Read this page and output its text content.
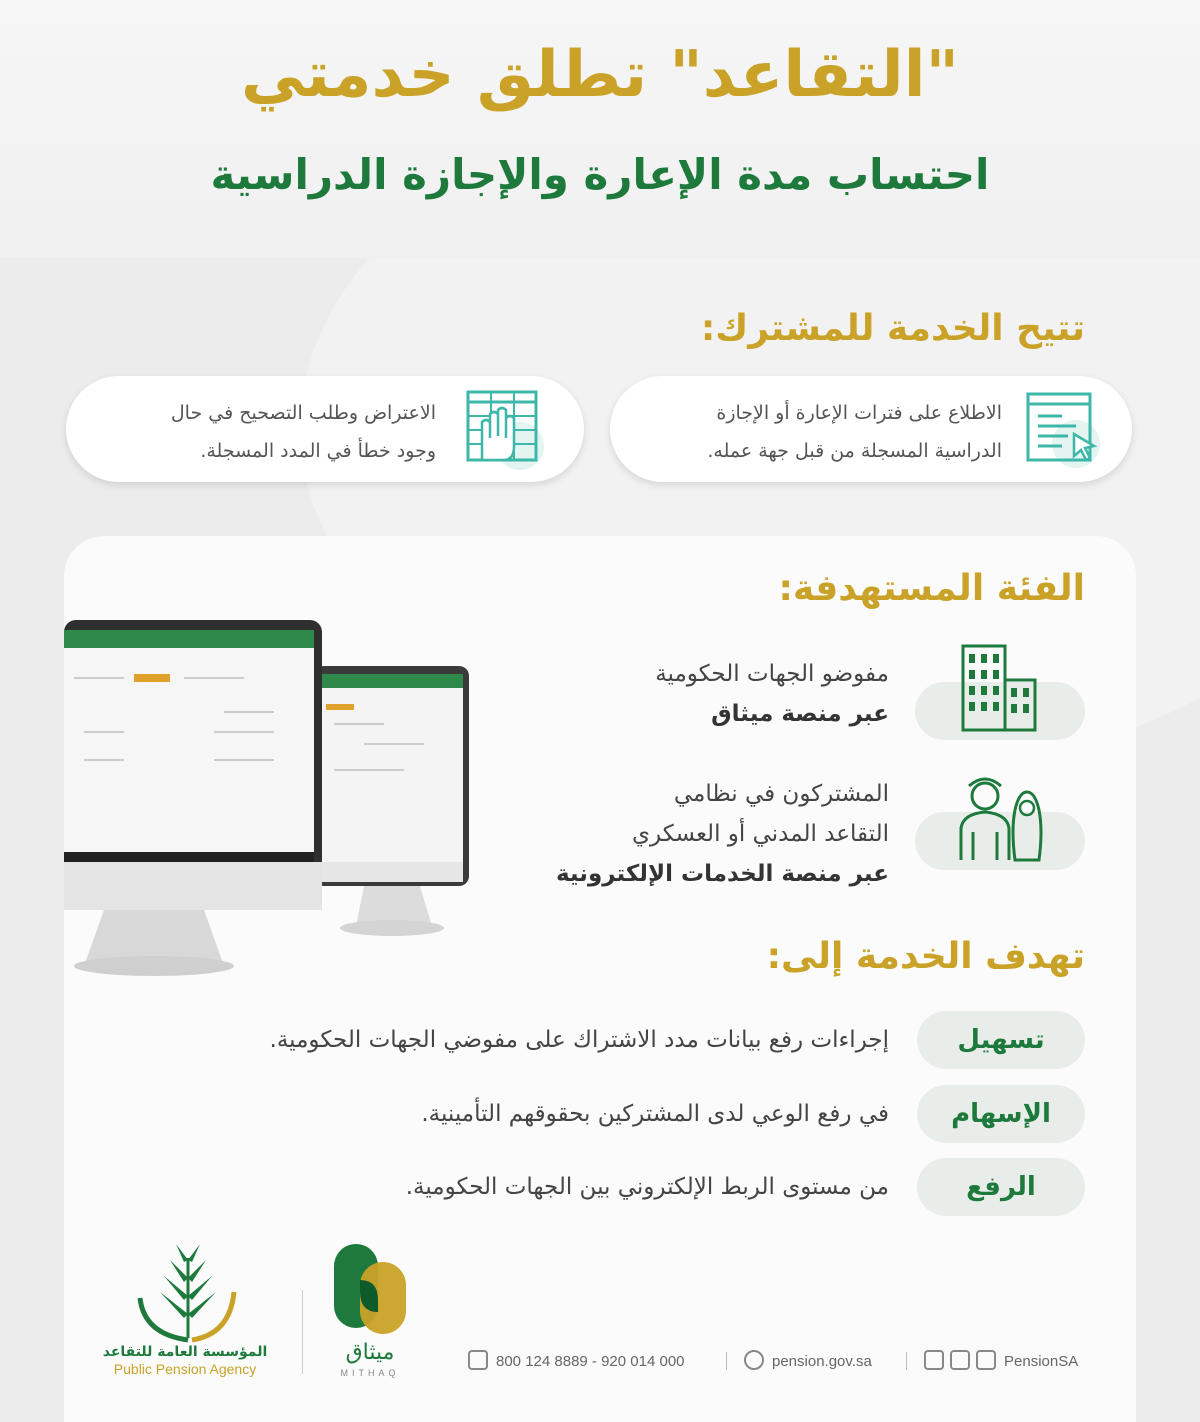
"التقاعد" تطلق خدمتي
احتساب مدة الإعارة والإجازة الدراسية
تتيح الخدمة للمشترك:
الاطلاع على فترات الإعارة أو الإجازة
الدراسية المسجلة من قبل جهة عمله.
الاعتراض وطلب التصحيح في حال
وجود خطأ في المدد المسجلة.
الفئة المستهدفة:
مفوضو الجهات الحكومية
عبر منصة ميثاق
المشتركون في نظامي
التقاعد المدني أو العسكري
عبر منصة الخدمات الإلكترونية
تهدف الخدمة إلى:
تسهيل
إجراءات رفع بيانات مدد الاشتراك على مفوضي الجهات الحكومية.
الإسهام
في رفع الوعي لدى المشتركين بحقوقهم التأمينية.
الرفع
من مستوى الربط الإلكتروني بين الجهات الحكومية.
المؤسسة العامة للتقاعد
Public Pension Agency
ميثاق
MITHAQ
800 124 8889 - 920 014 000	pension.gov.sa	PensionSA
